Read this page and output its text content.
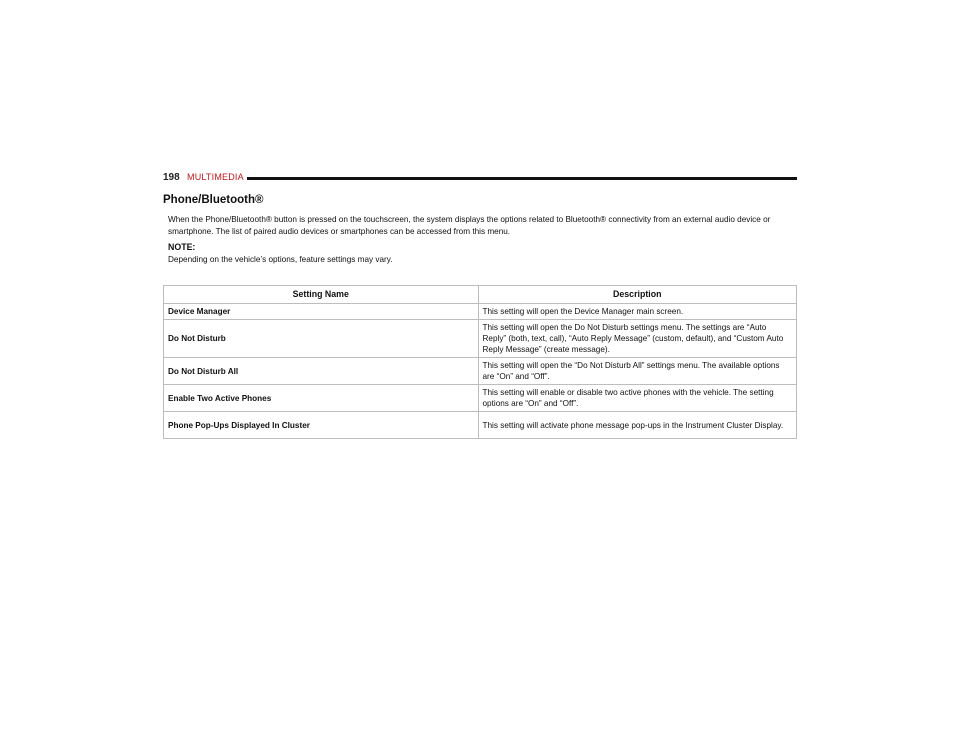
198 MULTIMEDIA
Phone/Bluetooth®

When the Phone/Bluetooth® button is pressed on the touchscreen, the system displays the options related to Bluetooth® connectivity from an external audio device or smartphone. The list of paired audio devices or smartphones can be accessed from this menu.

NOTE:

Depending on the vehicle’s options, feature settings may vary.

Setting Name	Description
Device Manager	This setting will open the Device Manager main screen.
Do Not Disturb	This setting will open the Do Not Disturb settings menu. The settings are “Auto Reply” (both, text, call), “Auto Reply Message” (custom, default), and “Custom Auto Reply Message” (create message).
Do Not Disturb All	This setting will open the “Do Not Disturb All” settings menu. The available options are “On” and “Off”.
Enable Two Active Phones	This setting will enable or disable two active phones with the vehicle. The setting options are “On” and “Off”.
Phone Pop-Ups Displayed In Cluster	This setting will activate phone message pop-ups in the Instrument Cluster Display.
